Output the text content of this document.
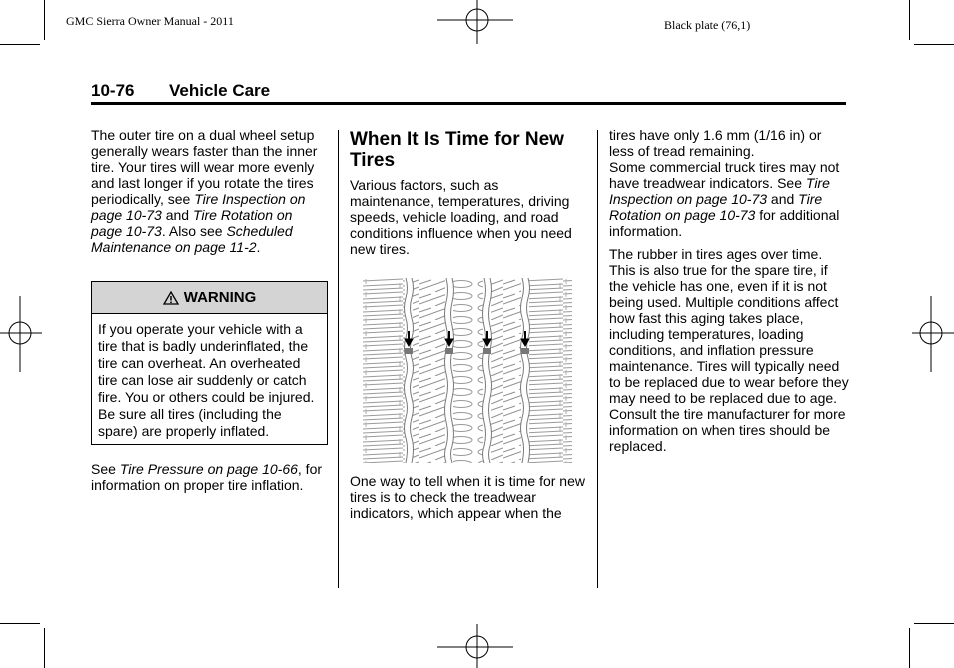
GMC Sierra Owner Manual - 2011	Black plate (76,1)
10-76 Vehicle Care

The outer tire on a dual wheel setup generally wears faster than the inner tire. Your tires will wear more evenly and last longer if you rotate the tires periodically, see Tire Inspection on page 10-73 and Tire Rotation on page 10-73. Also see Scheduled Maintenance on page 11-2.

WARNING
If you operate your vehicle with a tire that is badly underinflated, the tire can overheat. An overheated tire can lose air suddenly or catch fire. You or others could be injured. Be sure all tires (including the spare) are properly inflated.

See Tire Pressure on page 10-66, for information on proper tire inflation.

When It Is Time for New Tires

Various factors, such as maintenance, temperatures, driving speeds, vehicle loading, and road conditions influence when you need new tires.

One way to tell when it is time for new tires is to check the treadwear indicators, which appear when the

tires have only 1.6 mm (1/16 in) or less of tread remaining.

Some commercial truck tires may not have treadwear indicators. See Tire Inspection on page 10-73 and Tire Rotation on page 10-73 for additional information.

The rubber in tires ages over time. This is also true for the spare tire, if the vehicle has one, even if it is not being used. Multiple conditions affect how fast this aging takes place, including temperatures, loading conditions, and inflation pressure maintenance. Tires will typically need to be replaced due to wear before they may need to be replaced due to age. Consult the tire manufacturer for more information on when tires should be replaced.
